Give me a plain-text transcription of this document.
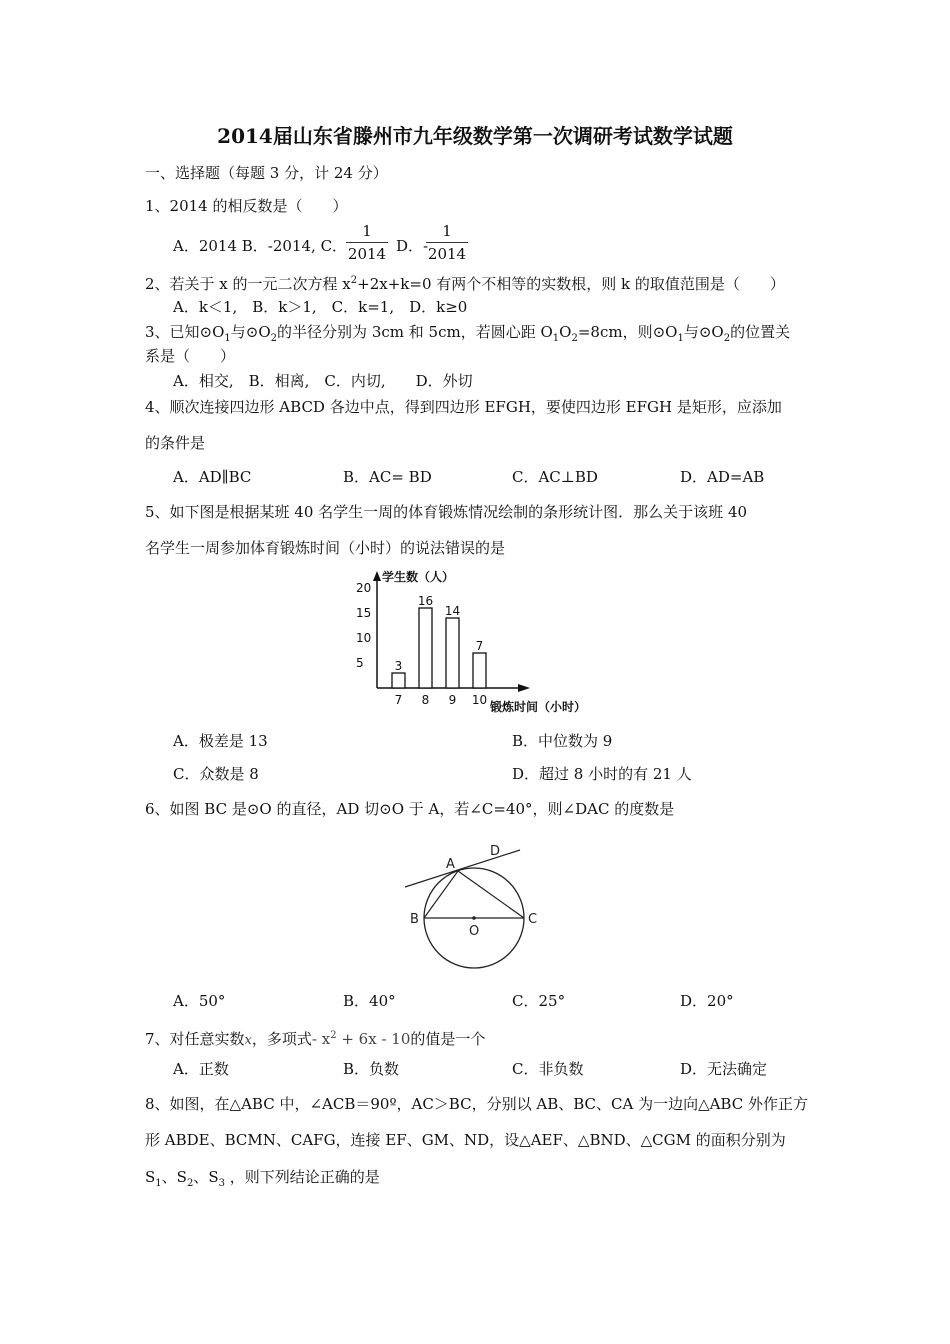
2014届山东省滕州市九年级数学第一次调研考试数学试题
一、选择题（每题 3 分，计 24 分）
1、2014 的相反数是（　　）
A．2014 B．-2014, C．
1
2014 D．-
1
2014
2、若关于 x 的一元二次方程 $x^2+2x+k=0$ 有两个不相等的实数根，则 k 的取值范围是（　　）
A．k＜1,　B．k＞1,　C．k=1,　D．k≥0
3、已知$⊙O_1$与$⊙O_2$的半径分别为 3cm 和 5cm，若圆心距 $O_1O_2=8cm$，则$⊙O_1$与$⊙O_2$的位置关
系是（　　）
A．相交,　B．相离,　C．内切,　　D．外切
4、顺次连接四边形 ABCD 各边中点，得到四边形 EFGH，要使四边形 EFGH 是矩形，应添加
的条件是
A．AD∥BC	B．AC= BD	C．AC⊥BD	D．AD=AB
5、如下图是根据某班 40 名学生一周的体育锻炼情况绘制的条形统计图．那么关于该班 40
名学生一周参加体育锻炼时间（小时）的说法错误的是
学生数（人）
锻炼时间（小时）
5
10
15
20
3
7
16
8
14
9
7
10
A．极差是 13	B．中位数为 9
C．众数是 8	D．超过 8 小时的有 21 人
6、如图 BC 是⊙O 的直径，AD 切⊙O 于 A，若∠C=40°，则∠DAC 的度数是
A
D
B	C
O
A．50°	B．40°	C．25°	D．20°
7、对任意实数x，多项式- $x^2 + 6x - 10$的值是一个
A．正数	B．负数	C．非负数	D．无法确定
8、如图，在△ABC 中，∠ACB＝90º，AC＞BC，分别以 AB、BC、CA 为一边向△ABC 外作正方
形 ABDE、BCMN、CAFG，连接 EF、GM、ND，设△AEF、△BND、△CGM 的面积分别为
$S_1$、$S_2$、$S_3$ ，则下列结论正确的是
